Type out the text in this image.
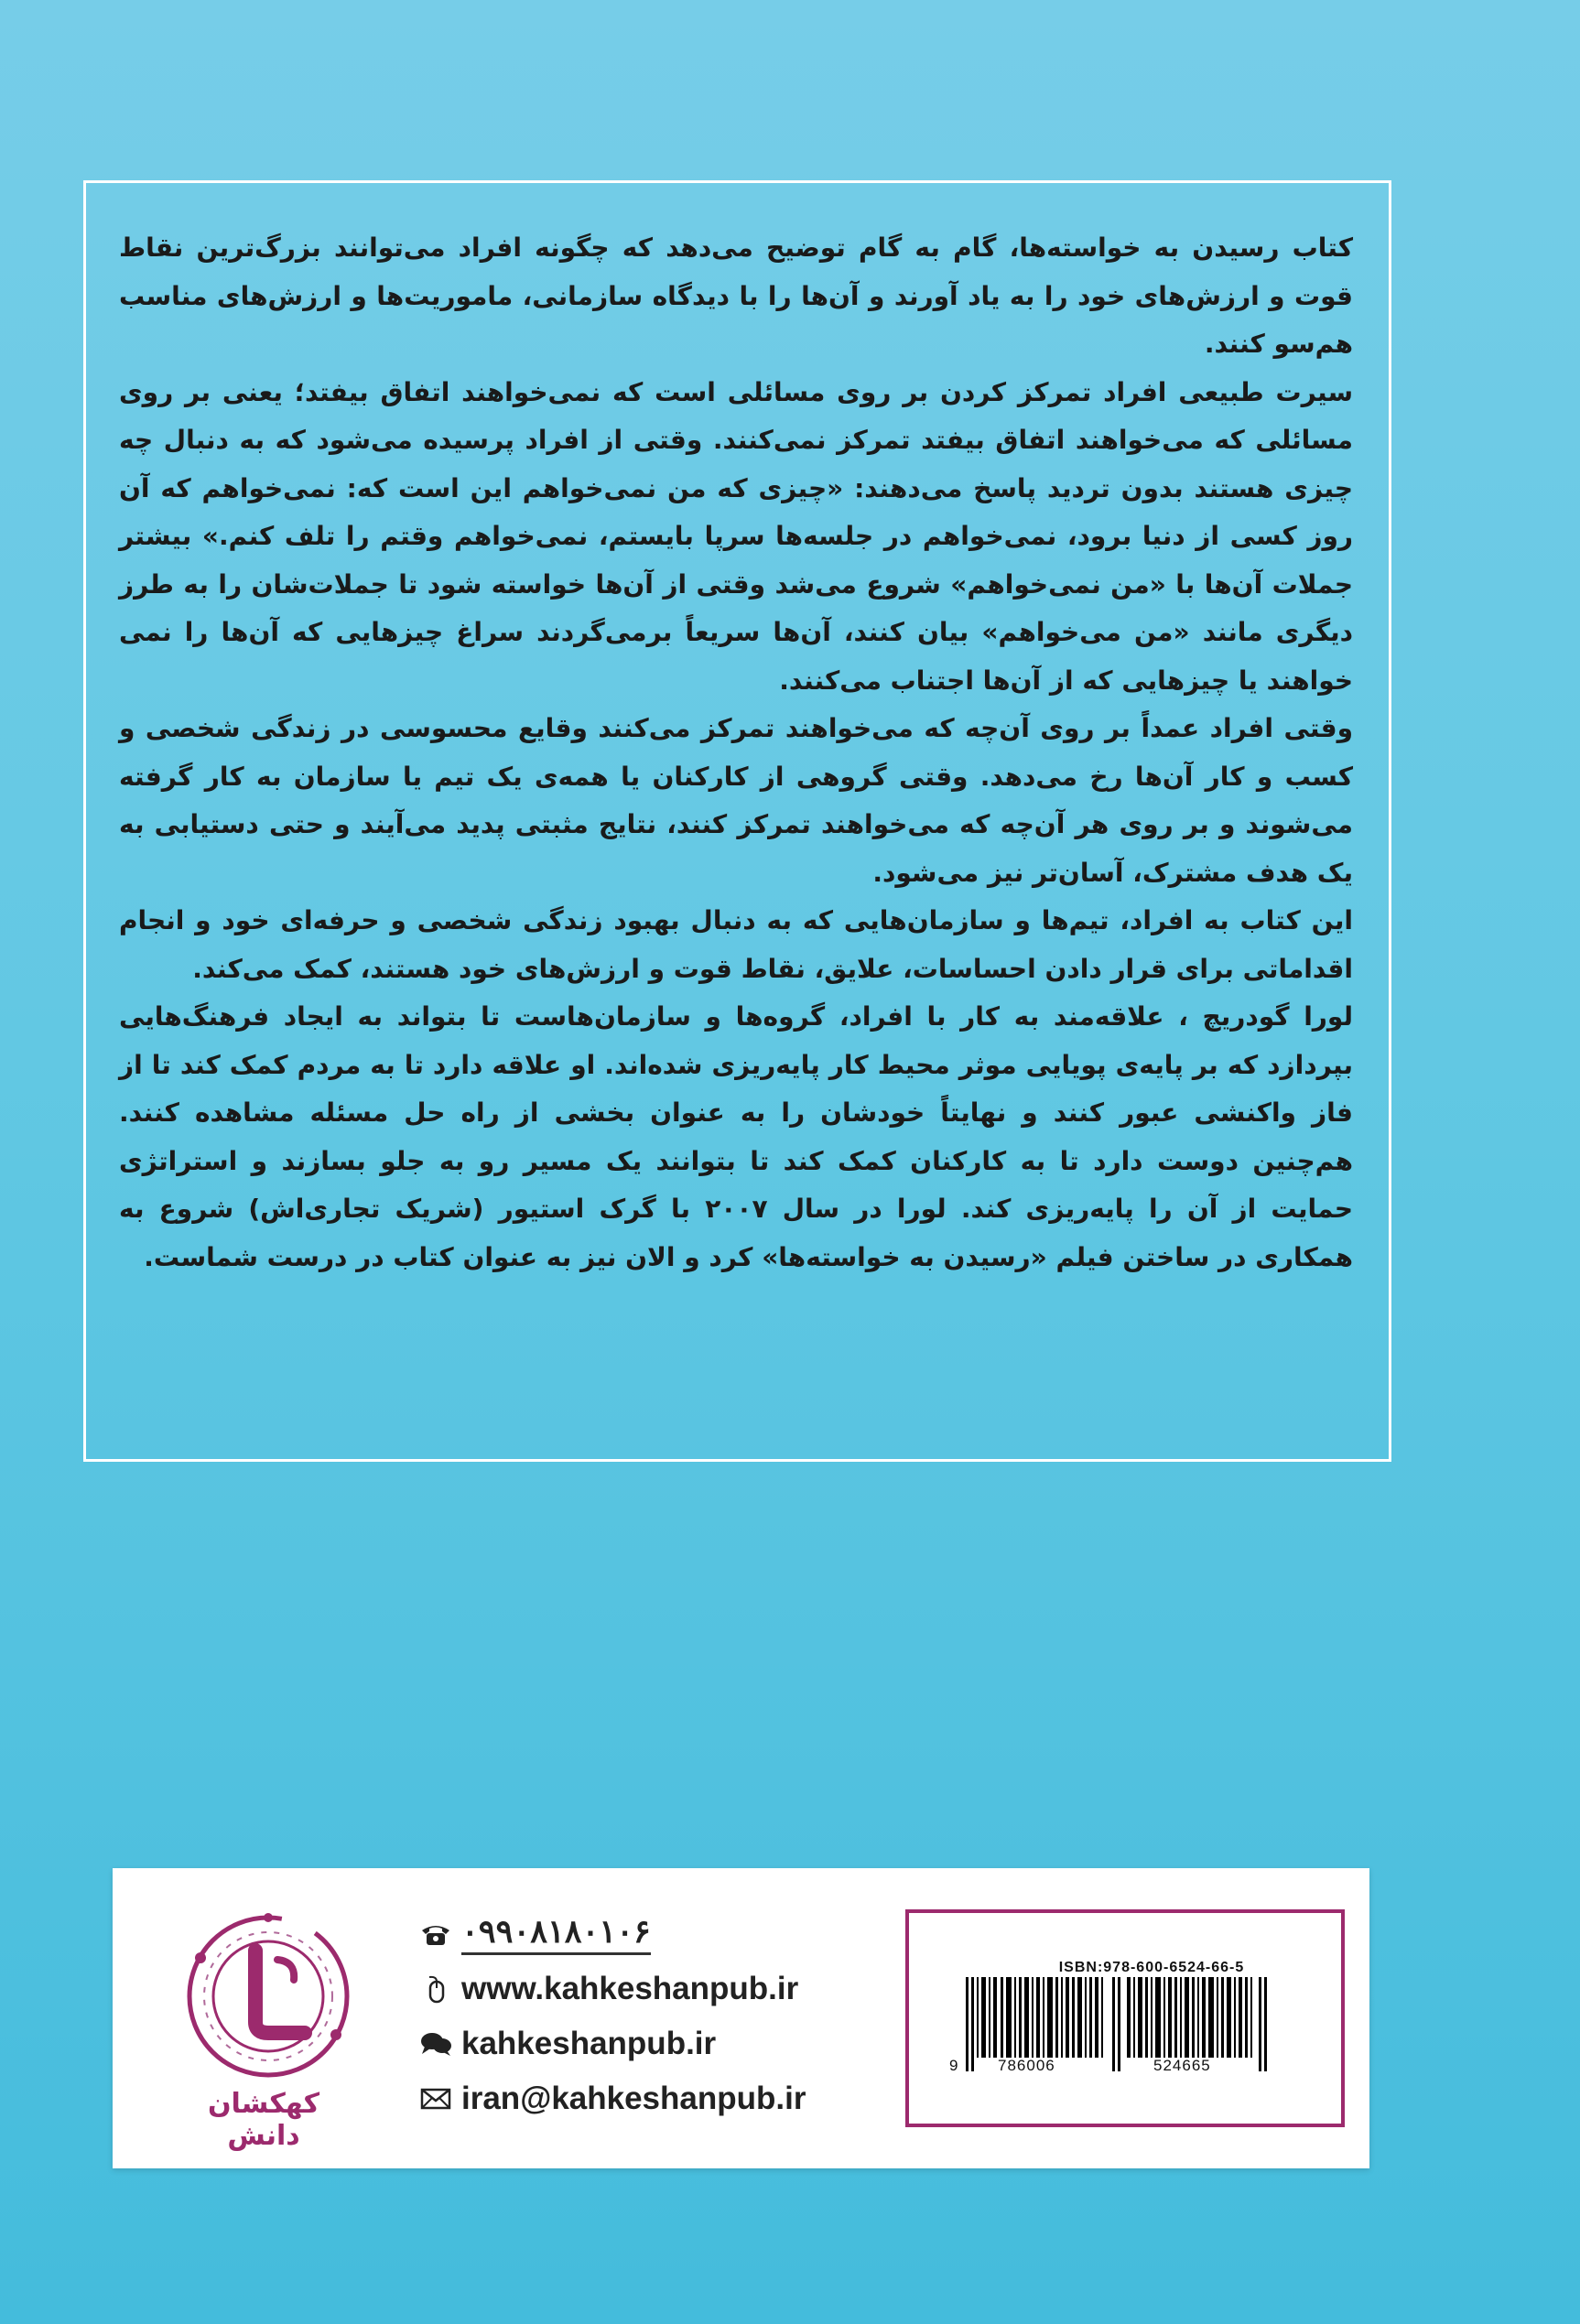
کتاب رسیدن به خواسته‌ها، گام به گام توضیح می‌دهد که چگونه افراد می‌توانند بزرگ‌ترین نقاط قوت و ارزش‌های خود را به یاد آورند و آن‌ها را با دیدگاه سازمانی، ماموریت‌ها و ارزش‌های مناسب هم‌سو کنند.

سیرت طبیعی افراد تمرکز کردن بر روی مسائلی است که نمی‌خواهند اتفاق بیفتد؛ یعنی بر روی مسائلی که می‌خواهند اتفاق بیفتد تمرکز نمی‌کنند. وقتی از افراد پرسیده می‌شود که به دنبال چه چیزی هستند بدون تردید پاسخ می‌دهند: «چیزی که من نمی‌خواهم این است که: نمی‌خواهم که آن روز کسی از دنیا برود، نمی‌خواهم در جلسه‌ها سرپا بایستم، نمی‌خواهم وقتم را تلف کنم.» بیشتر جملات آن‌ها با «من نمی‌خواهم» شروع می‌شد وقتی از آن‌ها خواسته شود تا جملات‌شان را به طرز دیگری مانند «من می‌خواهم» بیان کنند، آن‌ها سریعاً برمی‌گردند سراغ چیزهایی که آن‌ها را نمی خواهند یا چیزهایی که از آن‌ها اجتناب می‌کنند.

وقتی افراد عمداً بر روی آن‌چه که می‌خواهند تمرکز می‌کنند وقایع محسوسی در زندگی شخصی و کسب و کار آن‌ها رخ می‌دهد. وقتی گروهی از کارکنان یا همه‌ی یک تیم یا سازمان به کار گرفته می‌شوند و بر روی هر آن‌چه که می‌خواهند تمرکز کنند، نتایج مثبتی پدید می‌آیند و حتی دستیابی به یک هدف مشترک، آسان‌تر نیز می‌شود.

این کتاب به افراد، تیم‌ها و سازمان‌هایی که به دنبال بهبود زندگی شخصی و حرفه‌ای خود و انجام اقداماتی برای قرار دادن احساسات، علایق، نقاط قوت و ارزش‌های خود هستند، کمک می‌کند.

لورا گودریچ ، علاقه‌مند به کار با افراد، گروه‌ها و سازمان‌هاست تا بتواند به ایجاد فرهنگ‌هایی بپردازد که بر پایه‌ی پویایی موثر محیط کار پایه‌ریزی شده‌اند. او علاقه دارد تا به مردم کمک کند تا از فاز واکنشی عبور کنند و نهایتاً خودشان را به عنوان بخشی از راه حل مسئله مشاهده کنند. هم‌چنین دوست دارد تا به کارکنان کمک کند تا بتوانند یک مسیر رو به جلو بسازند و استراتژی حمایت از آن را پایه‌ریزی کند. لورا در سال ۲۰۰۷ با گرک استیور (شریک تجاری‌اش) شروع به همکاری در ساختن فیلم «رسیدن به خواسته‌ها» کرد و الان نیز به عنوان کتاب در درست شماست.

کهکشان دانش
۰۹۹۰۸۱۸۰۱۰۶
www.kahkeshanpub.ir
kahkeshanpub.ir
iran@kahkeshanpub.ir
ISBN:978-600-6524-66-5
9	786006	524665
